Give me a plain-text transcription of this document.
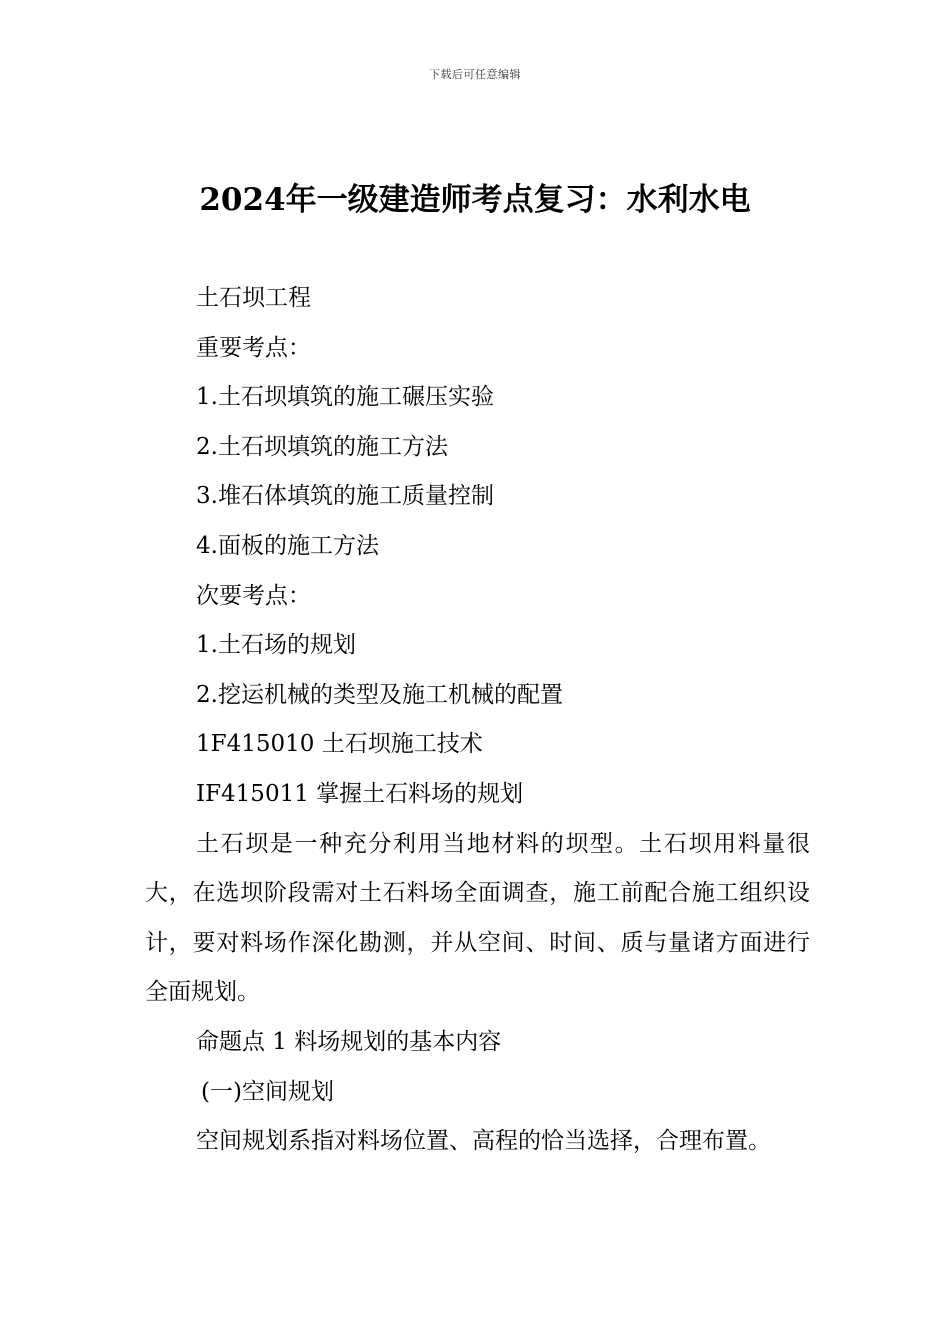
下载后可任意编辑
2024年一级建造师考点复习：水利水电
土石坝工程
重要考点：
1.土石坝填筑的施工碾压实验
2.土石坝填筑的施工方法
3.堆石体填筑的施工质量控制
4.面板的施工方法
次要考点：
1.土石场的规划
2.挖运机械的类型及施工机械的配置
1F415010 土石坝施工技术
IF415011 掌握土石料场的规划
土石坝是一种充分利用当地材料的坝型。土石坝用料量很大，在选坝阶段需对土石料场全面调查，施工前配合施工组织设计，要对料场作深化勘测，并从空间、时间、质与量诸方面进行全面规划。
命题点 1 料场规划的基本内容
(一)空间规划
空间规划系指对料场位置、高程的恰当选择，合理布置。
